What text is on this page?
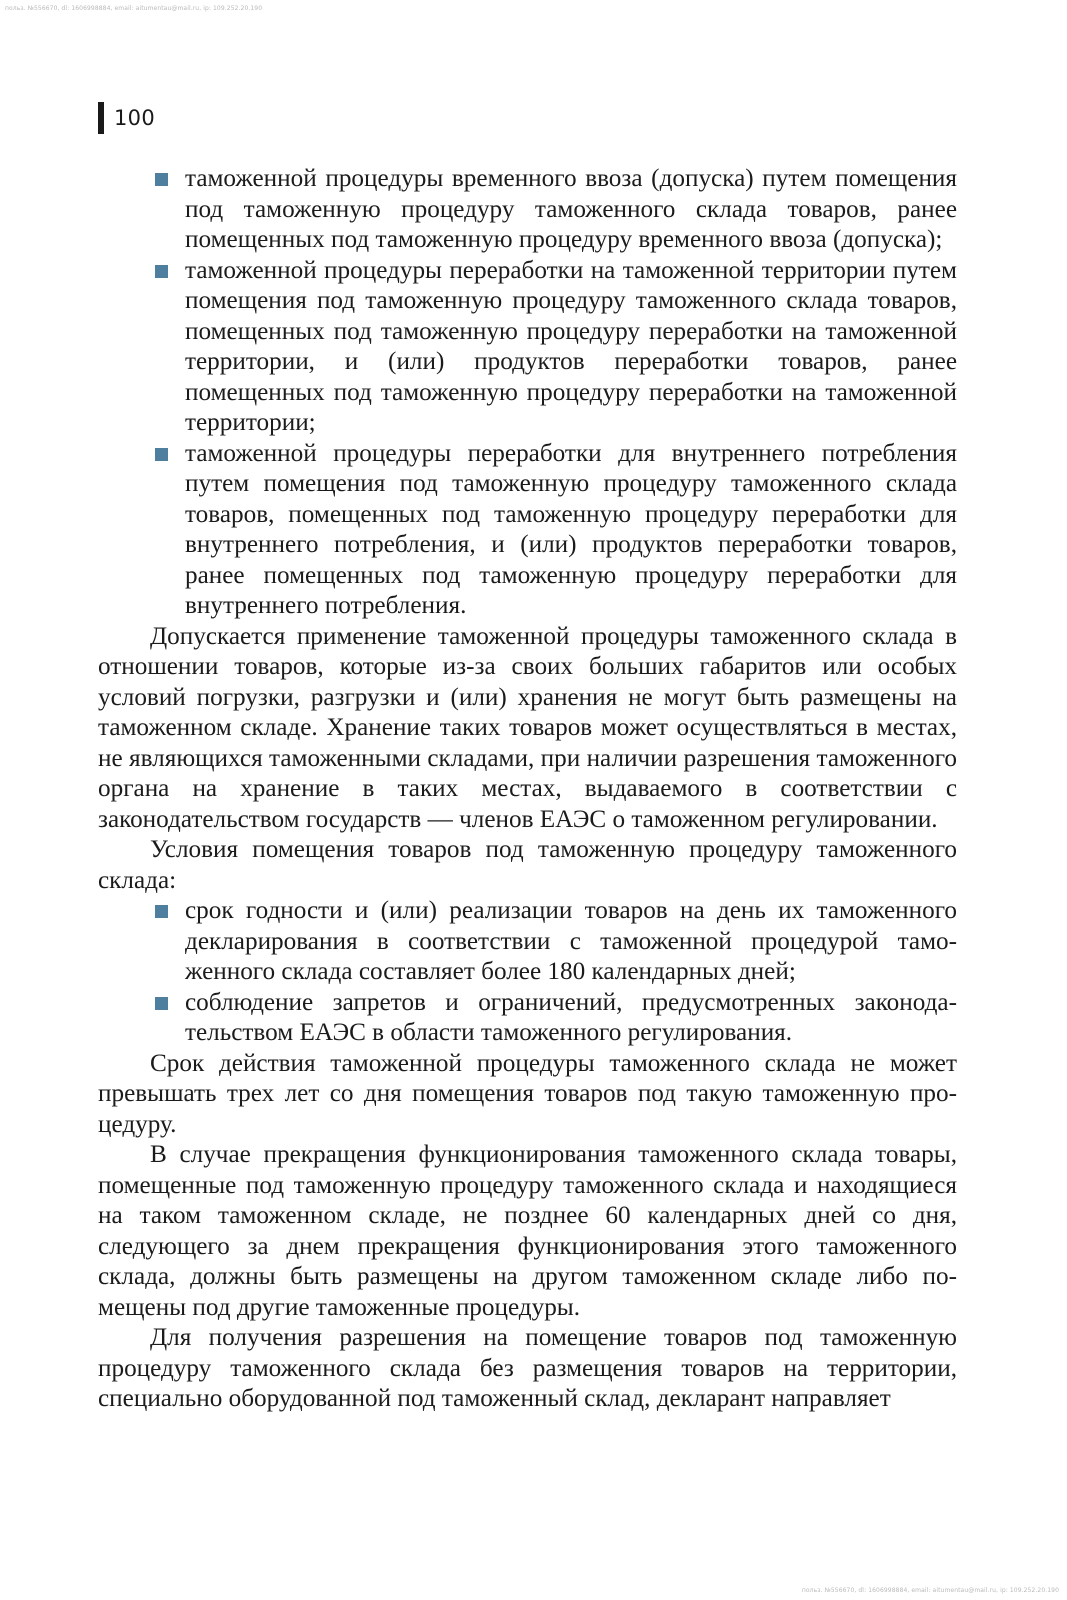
польз. №556670, dl: 1606998884, email: aitumentau@mail.ru, ip: 109.252.20.190
100
таможенной процедуры временного ввоза (допуска) путем помещения под таможенную процедуру таможенного склада товаров, ранее помещенных под таможенную процедуру временного ввоза (допуска);
таможенной процедуры переработки на таможенной территории путем помещения под таможенную процедуру таможенного склада товаров, помещенных под таможенную процедуру переработки на таможенной территории, и (или) продуктов переработки товаров, ранее помещенных под таможенную процедуру переработки на таможенной территории;
таможенной процедуры переработки для внутреннего потребления путем помещения под таможенную процедуру таможенного склада товаров, помещенных под таможенную процедуру переработки для внутреннего потребления, и (или) продуктов переработки товаров, ранее помещенных под таможенную процедуру переработки для внутреннего потребления.

Допускается применение таможенной процедуры таможенного склада в отношении товаров, которые из-за своих больших габаритов или особых условий погрузки, разгрузки и (или) хранения не могут быть размещены на таможенном складе. Хранение таких товаров может осуществляться в местах, не являющихся таможенными складами, при наличии разрешения таможенного органа на хранение в таких местах, выдаваемого в соответствии с законодательством государств — членов ЕАЭС о таможенном регулировании.

Условия помещения товаров под таможенную процедуру таможенного склада:

срок годности и (или) реализации товаров на день их таможенного декларирования в соответствии с таможенной процедурой таможенного склада составляет более 180 календарных дней;
соблюдение запретов и ограничений, предусмотренных законодательством ЕАЭС в области таможенного регулирования.

Срок действия таможенной процедуры таможенного склада не может превышать трех лет со дня помещения товаров под такую таможенную процедуру.

В случае прекращения функционирования таможенного склада товары, помещенные под таможенную процедуру таможенного склада и находящиеся на таком таможенном складе, не позднее 60 календарных дней со дня, следующего за днем прекращения функционирования этого таможенного склада, должны быть размещены на другом таможенном складе либо помещены под другие таможенные процедуры.

Для получения разрешения на помещение товаров под таможенную процедуру таможенного склада без размещения товаров на территории, специально оборудованной под таможенный склад, декларант направляет

польз. №556670, dl: 1606998884, email: aitumentau@mail.ru, ip: 109.252.20.190
